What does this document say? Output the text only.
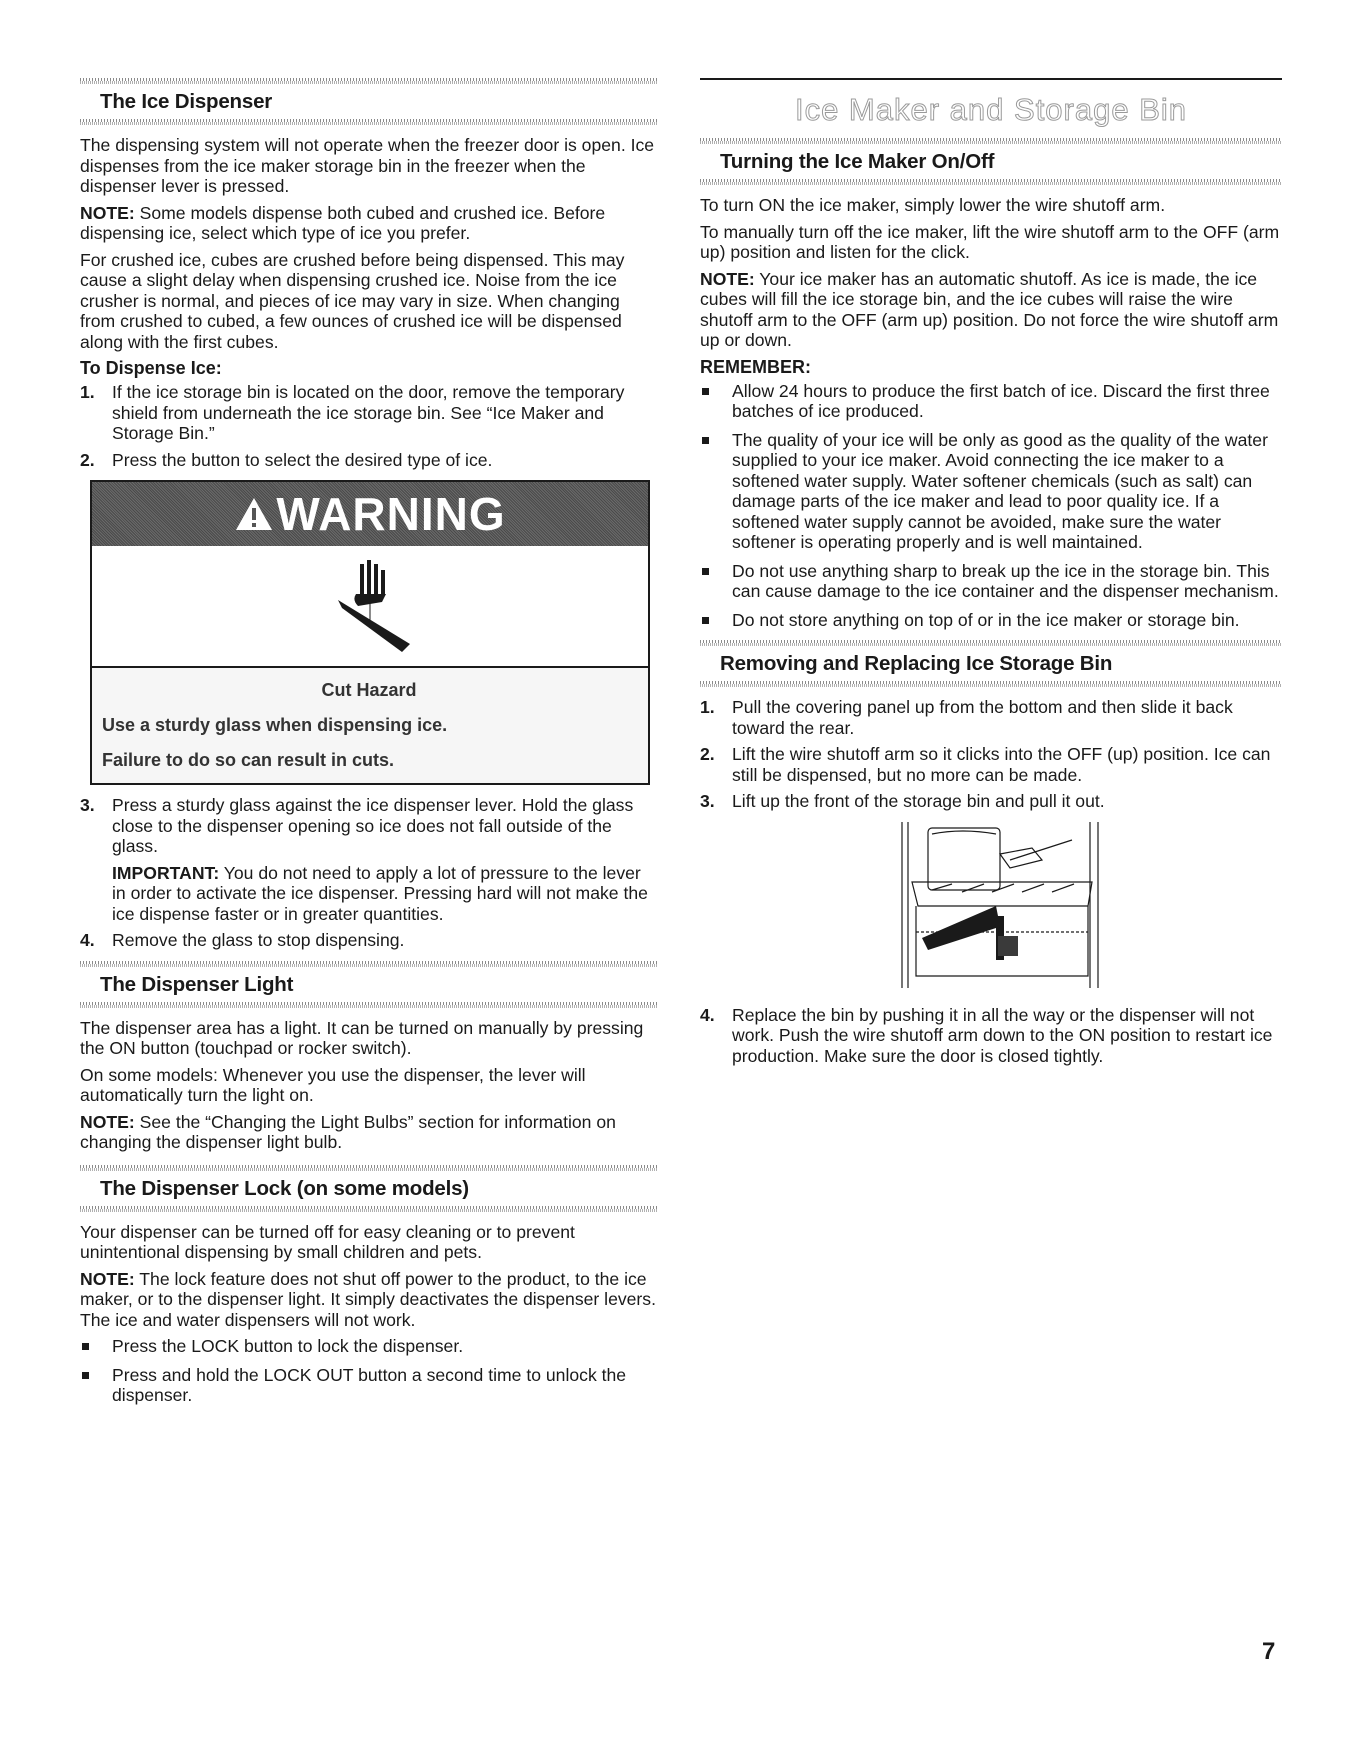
The Ice Dispenser

The dispensing system will not operate when the freezer door is open. Ice dispenses from the ice maker storage bin in the freezer when the dispenser lever is pressed.

NOTE: Some models dispense both cubed and crushed ice. Before dispensing ice, select which type of ice you prefer.

For crushed ice, cubes are crushed before being dispensed. This may cause a slight delay when dispensing crushed ice. Noise from the ice crusher is normal, and pieces of ice may vary in size. When changing from crushed to cubed, a few ounces of crushed ice will be dispensed along with the first cubes.

To Dispense Ice:
1. If the ice storage bin is located on the door, remove the temporary shield from underneath the ice storage bin. See “Ice Maker and Storage Bin.”
2. Press the button to select the desired type of ice.
WARNING
Cut Hazard
Use a sturdy glass when dispensing ice.
Failure to do so can result in cuts.
3. Press a sturdy glass against the ice dispenser lever. Hold the glass close to the dispenser opening so ice does not fall outside of the glass.
IMPORTANT: You do not need to apply a lot of pressure to the lever in order to activate the ice dispenser. Pressing hard will not make the ice dispense faster or in greater quantities.
4. Remove the glass to stop dispensing.
The Dispenser Light

The dispenser area has a light. It can be turned on manually by pressing the ON button (touchpad or rocker switch).

On some models: Whenever you use the dispenser, the lever will automatically turn the light on.

NOTE: See the “Changing the Light Bulbs” section for information on changing the dispenser light bulb.

The Dispenser Lock (on some models)

Your dispenser can be turned off for easy cleaning or to prevent unintentional dispensing by small children and pets.

NOTE: The lock feature does not shut off power to the product, to the ice maker, or to the dispenser light. It simply deactivates the dispenser levers. The ice and water dispensers will not work.

Press the LOCK button to lock the dispenser.
Press and hold the LOCK OUT button a second time to unlock the dispenser.
Ice Maker and Storage Bin
Turning the Ice Maker On/Off

To turn ON the ice maker, simply lower the wire shutoff arm.

To manually turn off the ice maker, lift the wire shutoff arm to the OFF (arm up) position and listen for the click.

NOTE: Your ice maker has an automatic shutoff. As ice is made, the ice cubes will fill the ice storage bin, and the ice cubes will raise the wire shutoff arm to the OFF (arm up) position. Do not force the wire shutoff arm up or down.

REMEMBER:
Allow 24 hours to produce the first batch of ice. Discard the first three batches of ice produced.
The quality of your ice will be only as good as the quality of the water supplied to your ice maker. Avoid connecting the ice maker to a softened water supply. Water softener chemicals (such as salt) can damage parts of the ice maker and lead to poor quality ice. If a softened water supply cannot be avoided, make sure the water softener is operating properly and is well maintained.
Do not use anything sharp to break up the ice in the storage bin. This can cause damage to the ice container and the dispenser mechanism.
Do not store anything on top of or in the ice maker or storage bin.
Removing and Replacing Ice Storage Bin
1. Pull the covering panel up from the bottom and then slide it back toward the rear.
2. Lift the wire shutoff arm so it clicks into the OFF (up) position. Ice can still be dispensed, but no more can be made.
3. Lift up the front of the storage bin and pull it out.
4. Replace the bin by pushing it in all the way or the dispenser will not work. Push the wire shutoff arm down to the ON position to restart ice production. Make sure the door is closed tightly.
7
